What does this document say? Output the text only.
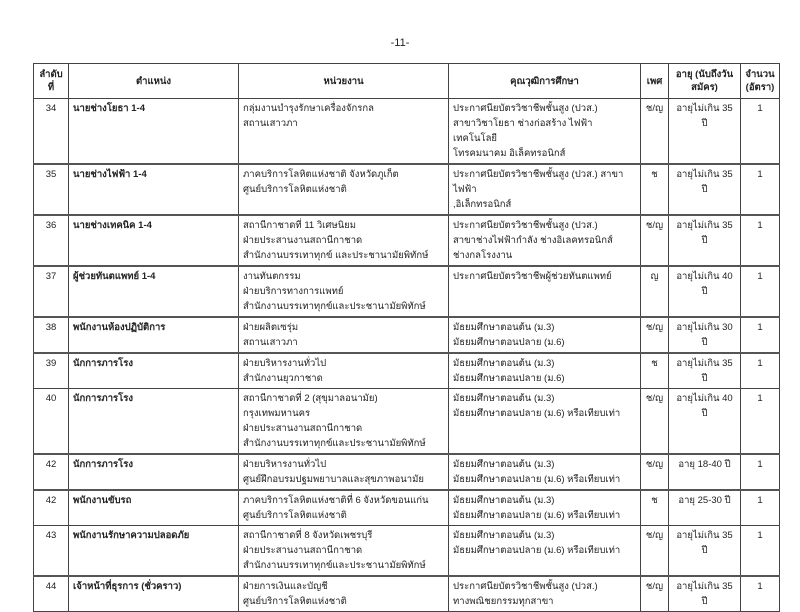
-11-
ลำดับที่	ตำแหน่ง	หน่วยงาน	คุณวุฒิการศึกษา	เพศ	อายุ (นับถึงวันสมัคร)	จำนวน (อัตรา)
34	นายช่างโยธา 1-4	กลุ่มงานบำรุงรักษาเครื่องจักรกล
สถานเสาวภา	ประกาศนียบัตรวิชาชีพชั้นสูง (ปวส.)
สาขาวิชาโยธา ช่างก่อสร้าง ไฟฟ้า เทคโนโลยี
โทรคมนาคม อิเล็คทรอนิกส์	ช/ญ	อายุไม่เกิน 35 ปี	1
35	นายช่างไฟฟ้า 1-4	ภาคบริการโลหิตแห่งชาติ จังหวัดภูเก็ต
ศูนย์บริการโลหิตแห่งชาติ	ประกาศนียบัตรวิชาชีพชั้นสูง (ปวส.) สาขาไฟฟ้า
,อิเล็กทรอนิกส์	ช	อายุไม่เกิน 35 ปี	1
36	นายช่างเทคนิค 1-4	สถานีกาชาดที่ 11 วิเศษนิยม
ฝ่ายประสานงานสถานีกาชาด
สำนักงานบรรเทาทุกข์ และประชานามัยพิทักษ์	ประกาศนียบัตรวิชาชีพชั้นสูง (ปวส.)
สาขาช่างไฟฟ้ากำลัง ช่างอิเลคทรอนิกส์
ช่างกลโรงงาน	ช/ญ	อายุไม่เกิน 35 ปี	1
37	ผู้ช่วยทันตแพทย์ 1-4	งานทันตกรรม
ฝ่ายบริการทางการแพทย์
สำนักงานบรรเทาทุกข์และประชานามัยพิทักษ์	ประกาศนียบัตรวิชาชีพผู้ช่วยทันตแพทย์	ญ	อายุไม่เกิน 40 ปี	1
38	พนักงานห้องปฏิบัติการ	ฝ่ายผลิตเซรุ่ม
สถานเสาวภา	มัธยมศึกษาตอนต้น (ม.3)
มัธยมศึกษาตอนปลาย (ม.6)	ช/ญ	อายุไม่เกิน 30 ปี	1
39	นักการภารโรง	ฝ่ายบริหารงานทั่วไป
สำนักงานยุวกาชาด	มัธยมศึกษาตอนต้น (ม.3)
มัธยมศึกษาตอนปลาย (ม.6)	ช	อายุไม่เกิน 35 ปี	1
40	นักการภารโรง	สถานีกาชาดที่ 2 (สุขุมาลอนามัย) กรุงเทพมหานคร
ฝ่ายประสานงานสถานีกาชาด
สำนักงานบรรเทาทุกข์และประชานามัยพิทักษ์	มัธยมศึกษาตอนต้น (ม.3)
มัธยมศึกษาตอนปลาย (ม.6) หรือเทียบเท่า	ช/ญ	อายุไม่เกิน 40 ปี	1
42	นักการภารโรง	ฝ่ายบริหารงานทั่วไป
ศูนย์ฝึกอบรมปฐมพยาบาลและสุขภาพอนามัย	มัธยมศึกษาตอนต้น (ม.3)
มัธยมศึกษาตอนปลาย (ม.6) หรือเทียบเท่า	ช/ญ	อายุ 18-40 ปี	1
42	พนักงานขับรถ	ภาคบริการโลหิตแห่งชาติที่ 6 จังหวัดขอนแก่น
ศูนย์บริการโลหิตแห่งชาติ	มัธยมศึกษาตอนต้น (ม.3)
มัธยมศึกษาตอนปลาย (ม.6) หรือเทียบเท่า	ช	อายุ 25-30 ปี	1
43	พนักงานรักษาความปลอดภัย	สถานีกาชาดที่ 8 จังหวัดเพชรบุรี
ฝ่ายประสานงานสถานีกาชาด
สำนักงานบรรเทาทุกข์และประชานามัยพิทักษ์	มัธยมศึกษาตอนต้น (ม.3)
มัธยมศึกษาตอนปลาย (ม.6) หรือเทียบเท่า	ช/ญ	อายุไม่เกิน 35 ปี	1
44	เจ้าหน้าที่ธุรการ (ชั่วคราว)	ฝ่ายการเงินและบัญชี
ศูนย์บริการโลหิตแห่งชาติ	ประกาศนียบัตรวิชาชีพชั้นสูง (ปวส.)
ทางพณิชยกรรมทุกสาขา	ช/ญ	อายุไม่เกิน 35 ปี	1
